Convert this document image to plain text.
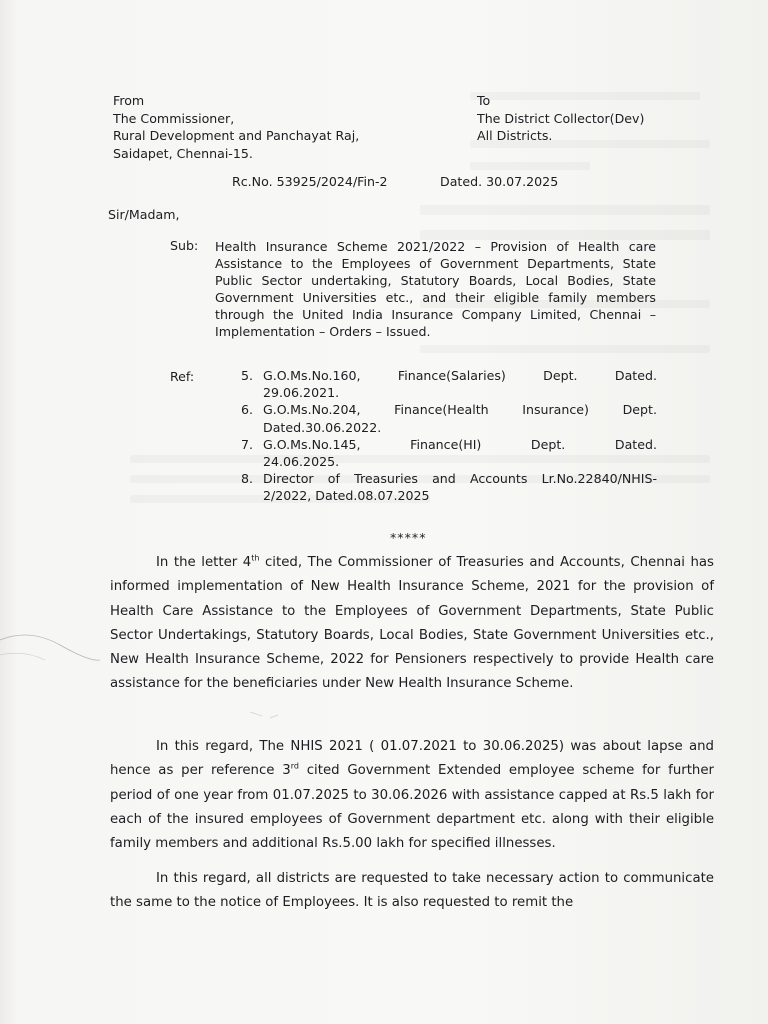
From
The Commissioner,
Rural Development and Panchayat Raj,
Saidapet, Chennai-15.
To
The District Collector(Dev)
All Districts.
Rc.No. 53925/2024/Fin-2	Dated. 30.07.2025
Sir/Madam,
Sub: Health Insurance Scheme 2021/2022 – Provision of Health care Assistance to the Employees of Government Departments, State Public Sector undertaking, Statutory Boards, Local Bodies, State Government Universities etc., and their eligible family members through the United India Insurance Company Limited, Chennai – Implementation – Orders – Issued.
Ref:	5. G.O.Ms.No.160, Finance(Salaries) Dept. Dated.
29.06.2021.
6. G.O.Ms.No.204, Finance(Health Insurance) Dept.
Dated.30.06.2022.
7. G.O.Ms.No.145, Finance(HI) Dept. Dated.
24.06.2025.
8. Director of Treasuries and Accounts Lr.No.22840/NHIS-
2/2022, Dated.08.07.2025
*****
In the letter 4th cited, The Commissioner of Treasuries and Accounts, Chennai has informed implementation of New Health Insurance Scheme, 2021 for the provision of Health Care Assistance to the Employees of Government Departments, State Public Sector Undertakings, Statutory Boards, Local Bodies, State Government Universities etc., New Health Insurance Scheme, 2022 for Pensioners respectively to provide Health care assistance for the beneficiaries under New Health Insurance Scheme.
In this regard, The NHIS 2021 ( 01.07.2021 to 30.06.2025) was about lapse and hence as per reference 3rd cited Government Extended employee scheme for further period of one year from 01.07.2025 to 30.06.2026 with assistance capped at Rs.5 lakh for each of the insured employees of Government department etc. along with their eligible family members and additional Rs.5.00 lakh for specified illnesses.
In this regard, all districts are requested to take necessary action to communicate the same to the notice of Employees. It is also requested to remit the
